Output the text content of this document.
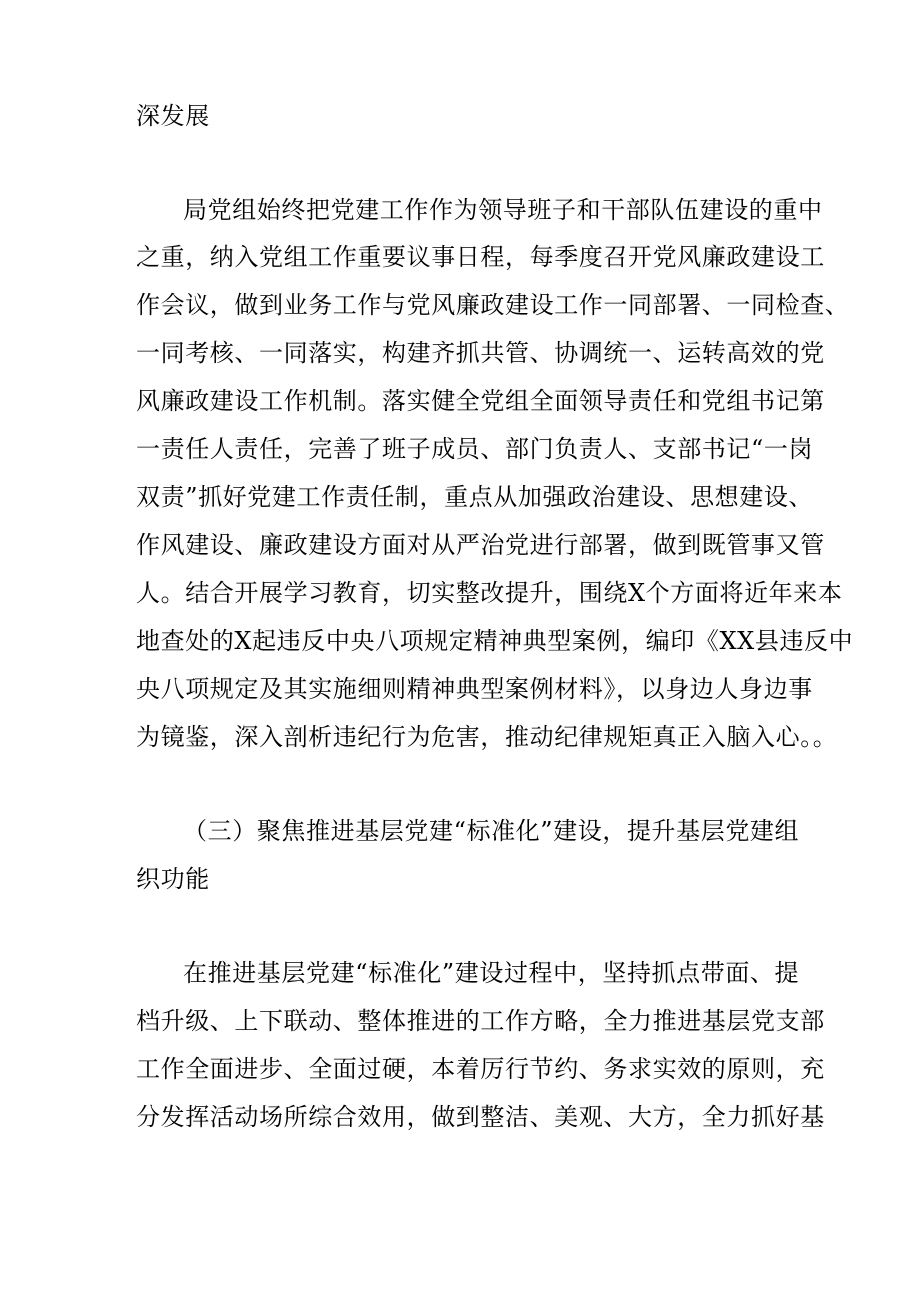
深发展
局党组始终把党建工作作为领导班子和干部队伍建设的重中
之重，纳入党组工作重要议事日程，每季度召开党风廉政建设工
作会议，做到业务工作与党风廉政建设工作一同部署、一同检查、
一同考核、一同落实，构建齐抓共管、协调统一、运转高效的党
风廉政建设工作机制。落实健全党组全面领导责任和党组书记第
一责任人责任，完善了班子成员、部门负责人、支部书记“一岗
双责”抓好党建工作责任制，重点从加强政治建设、思想建设、
作风建设、廉政建设方面对从严治党进行部署，做到既管事又管
人。结合开展学习教育，切实整改提升，围绕X个方面将近年来本
地查处的X起违反中央八项规定精神典型案例，编印《XX县违反中
央八项规定及其实施细则精神典型案例材料》，以身边人身边事
为镜鉴，深入剖析违纪行为危害，推动纪律规矩真正入脑入心。。
（三）聚焦推进基层党建“标准化”建设，提升基层党建组
织功能
在推进基层党建“标准化”建设过程中，坚持抓点带面、提
档升级、上下联动、整体推进的工作方略，全力推进基层党支部
工作全面进步、全面过硬，本着厉行节约、务求实效的原则，充
分发挥活动场所综合效用，做到整洁、美观、大方，全力抓好基
